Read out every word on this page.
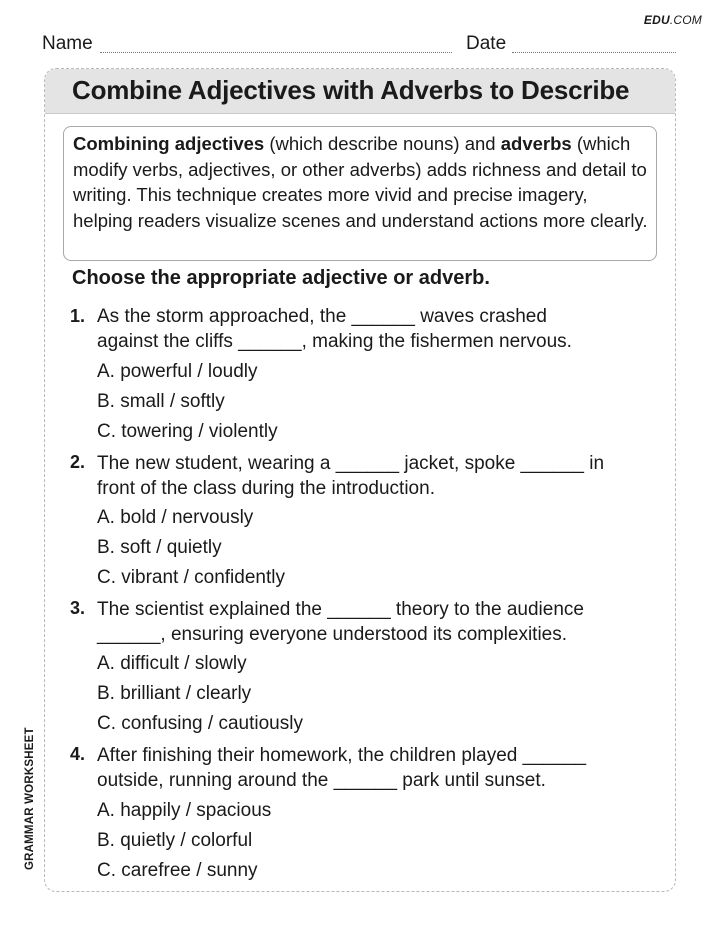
EDU.COM
Name	Date
Combine Adjectives with Adverbs to Describe
Combining adjectives (which describe nouns) and adverbs (which modify verbs, adjectives, or other adverbs) adds richness and detail to writing. This technique creates more vivid and precise imagery, helping readers visualize scenes and understand actions more clearly.
Choose the appropriate adjective or adverb.
1. As the storm approached, the ______ waves crashed
against the cliffs ______, making the fishermen nervous.
A. powerful / loudly
B. small / softly
C. towering / violently
2. The new student, wearing a ______ jacket, spoke ______ in
front of the class during the introduction.
A. bold / nervously
B. soft / quietly
C. vibrant / confidently
3. The scientist explained the ______ theory to the audience
______, ensuring everyone understood its complexities.
A. difficult / slowly
B. brilliant / clearly
C. confusing / cautiously
4. After finishing their homework, the children played ______
outside, running around the ______ park until sunset.
A. happily / spacious
B. quietly / colorful
C. carefree / sunny
GRAMMAR WORKSHEET
